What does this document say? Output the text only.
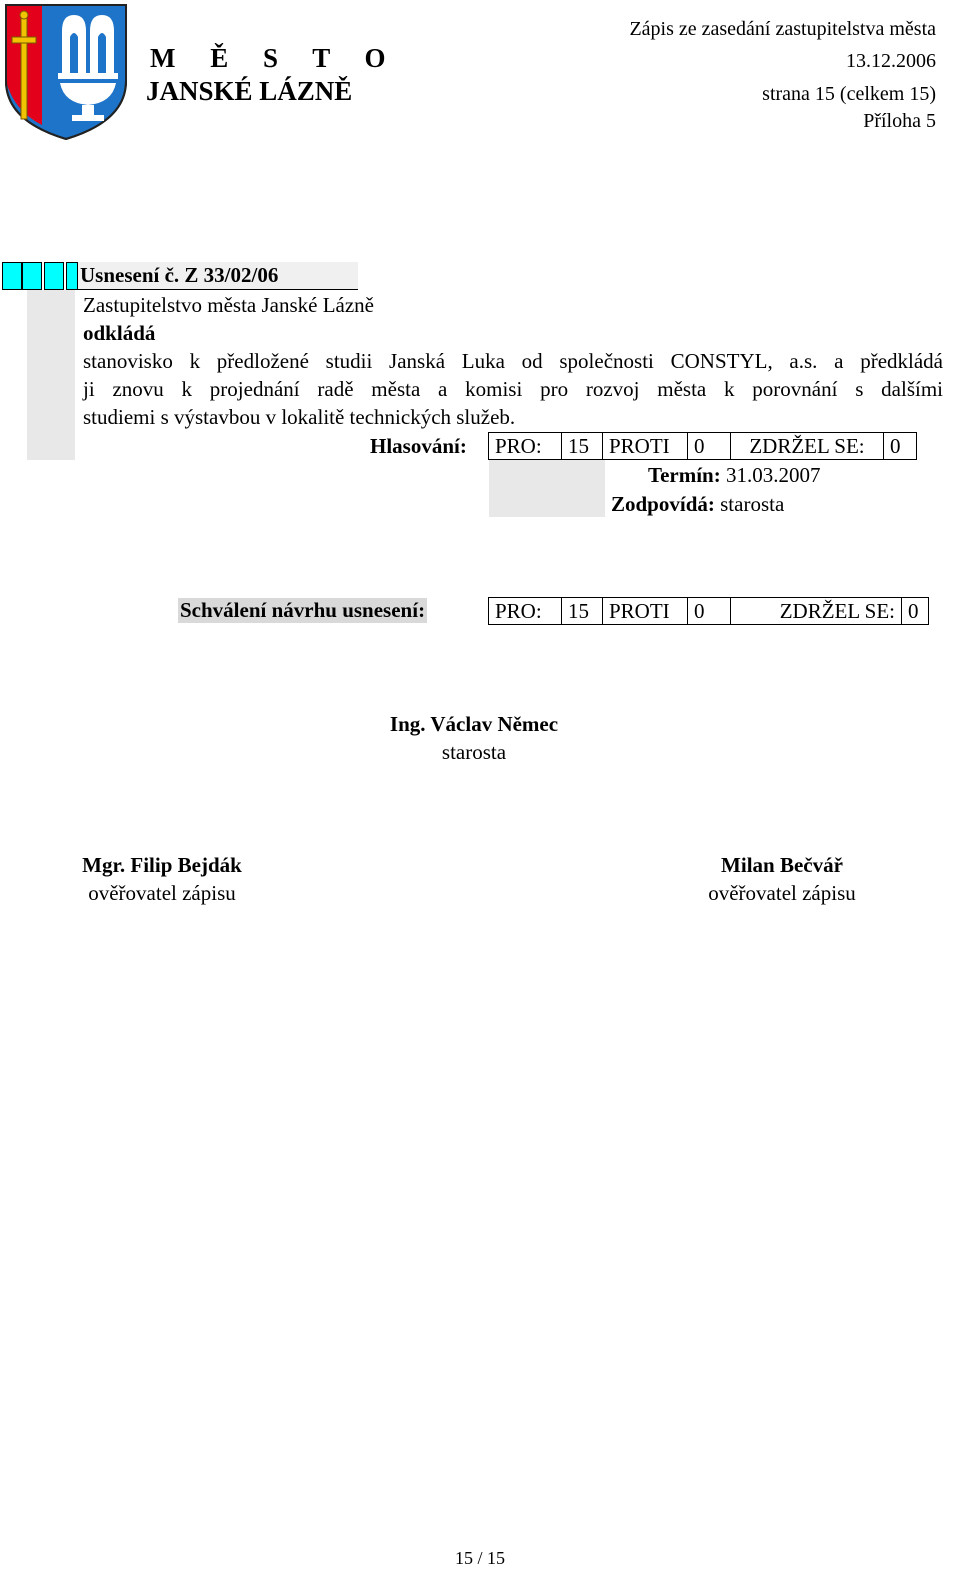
M Ě S T O
JANSKÉ LÁZNĚ
Zápis ze zasedání zastupitelstva města
13.12.2006
strana 15 (celkem 15)
Příloha 5
Usnesení č. Z 33/02/06
Zastupitelstvo města Janské Lázně
odkládá
stanovisko k předložené studii Janská Luka od společnosti CONSTYL, a.s. a předkládá
ji znovu k projednání radě města a komisi pro rozvoj města k porovnání s dalšími
studiemi s výstavbou v lokalitě technických služeb.
Hlasování: PRO:	15	PROTI	0	ZDRŽEL SE:	0
Termín: 31.03.2007
Zodpovídá: starosta
Schválení návrhu usnesení:	PRO:	15	PROTI	0	ZDRŽEL SE:	0
Ing. Václav Němec
starosta
Mgr. Filip Bejdák
ověřovatel zápisu
Milan Bečvář
ověřovatel zápisu
15 / 15
